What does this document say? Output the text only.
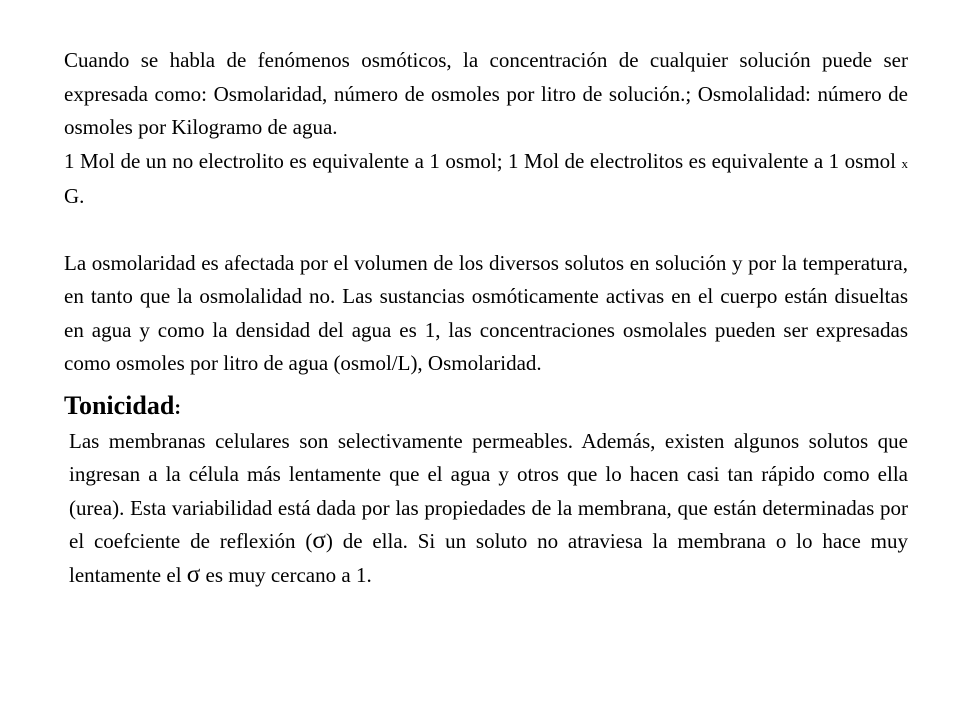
Cuando se habla de fenómenos osmóticos, la concentración de cualquier solución puede ser expresada como: Osmolaridad, número de osmoles por litro de solución.; Osmolalidad: número de osmoles por Kilogramo de agua.

1 Mol de un no electrolito es equivalente a 1 osmol; 1 Mol de electrolitos es equivalente a 1 osmol x G.

La osmolaridad es afectada por el volumen de los diversos solutos en solución y por la temperatura, en tanto que la osmolalidad no. Las sustancias osmóticamente activas en el cuerpo están disueltas en agua y como la densidad del agua es 1, las concentraciones osmolales pueden ser expresadas como osmoles por litro de agua (osmol/L), Osmolaridad.

Tonicidad:

Las membranas celulares son selectivamente permeables. Además, existen algunos solutos que ingresan a la célula más lentamente que el agua y otros que lo hacen casi tan rápido como ella (urea). Esta variabilidad está dada por las propiedades de la membrana, que están determinadas por el coefciente de reflexión (σ) de ella. Si un soluto no atraviesa la membrana o lo hace muy lentamente el σ es muy cercano a 1.
